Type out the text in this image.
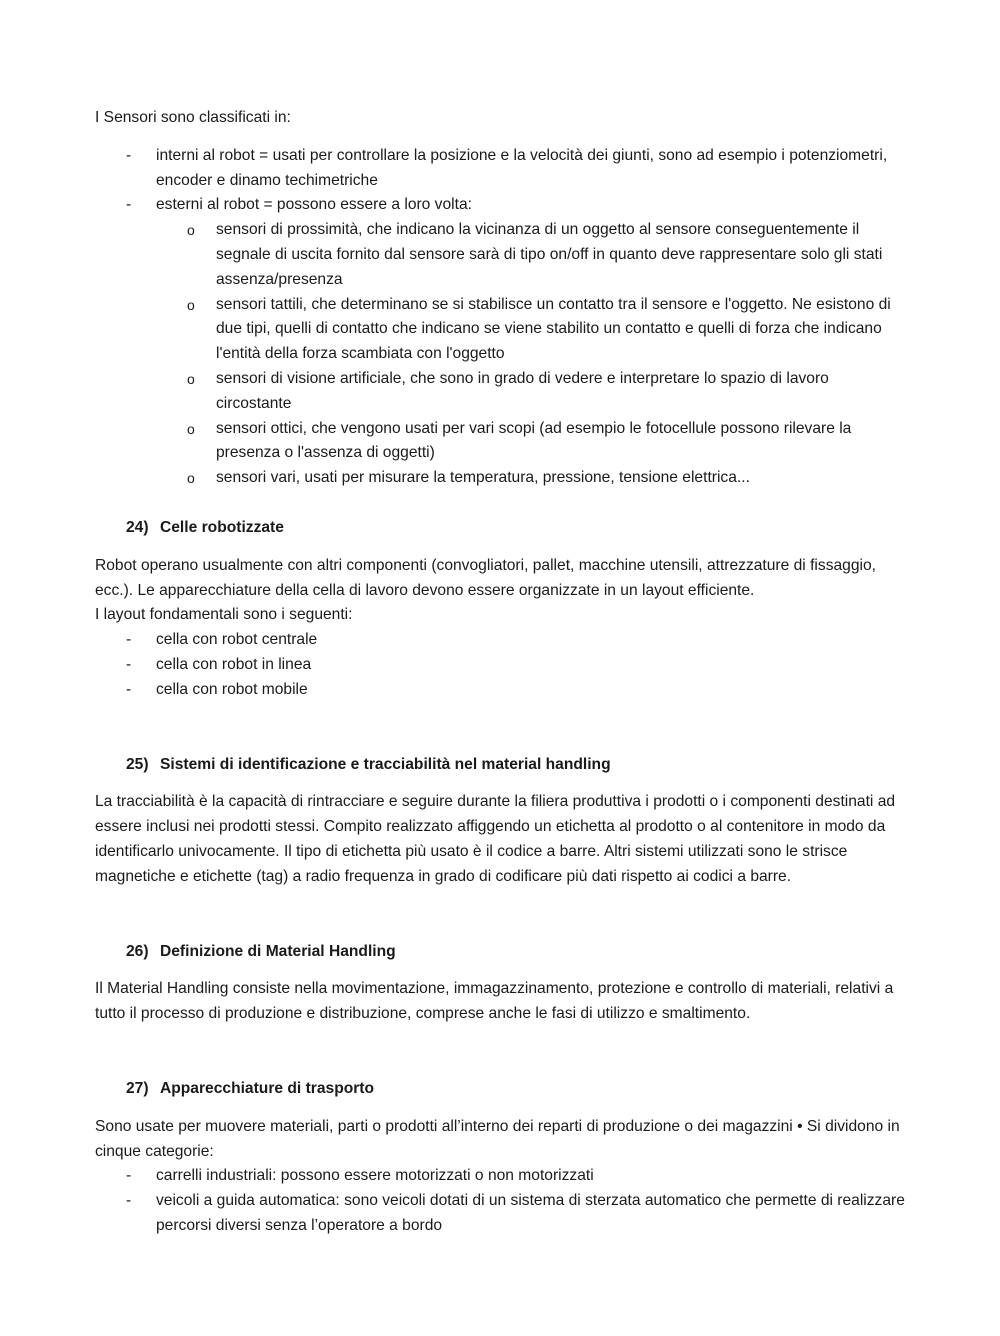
I Sensori sono classificati in:

- interni al robot = usati per controllare la posizione e la velocità dei giunti, sono ad esempio i potenziometri, encoder e dinamo techimetriche
- esterni al robot = possono essere a loro volta:
o sensori di prossimità, che indicano la vicinanza di un oggetto al sensore conseguentemente il segnale di uscita fornito dal sensore sarà di tipo on/off in quanto deve rappresentare solo gli stati assenza/presenza
o sensori tattili, che determinano se si stabilisce un contatto tra il sensore e l'oggetto. Ne esistono di due tipi, quelli di contatto che indicano se viene stabilito un contatto e quelli di forza che indicano l'entità della forza scambiata con l'oggetto
o sensori di visione artificiale, che sono in grado di vedere e interpretare lo spazio di lavoro circostante
o sensori ottici, che vengono usati per vari scopi (ad esempio le fotocellule possono rilevare la presenza o l'assenza di oggetti)
o sensori vari, usati per misurare la temperatura, pressione, tensione elettrica...
24) Celle robotizzate

Robot operano usualmente con altri componenti (convogliatori, pallet, macchine utensili, attrezzature di fissaggio, ecc.). Le apparecchiature della cella di lavoro devono essere organizzate in un layout efficiente.

I layout fondamentali sono i seguenti:

- cella con robot centrale
- cella con robot in linea
- cella con robot mobile
25) Sistemi di identificazione e tracciabilità nel material handling

La tracciabilità è la capacità di rintracciare e seguire durante la filiera produttiva i prodotti o i componenti destinati ad essere inclusi nei prodotti stessi. Compito realizzato affiggendo un etichetta al prodotto o al contenitore in modo da identificarlo univocamente. Il tipo di etichetta più usato è il codice a barre. Altri sistemi utilizzati sono le strisce magnetiche e etichette (tag) a radio frequenza in grado di codificare più dati rispetto ai codici a barre.

26) Definizione di Material Handling

Il Material Handling consiste nella movimentazione, immagazzinamento, protezione e controllo di materiali, relativi a tutto il processo di produzione e distribuzione, comprese anche le fasi di utilizzo e smaltimento.

27) Apparecchiature di trasporto

Sono usate per muovere materiali, parti o prodotti all’interno dei reparti di produzione o dei magazzini • Si dividono in cinque categorie:

- carrelli industriali: possono essere motorizzati o non motorizzati
- veicoli a guida automatica: sono veicoli dotati di un sistema di sterzata automatico che permette di realizzare percorsi diversi senza l’operatore a bordo
